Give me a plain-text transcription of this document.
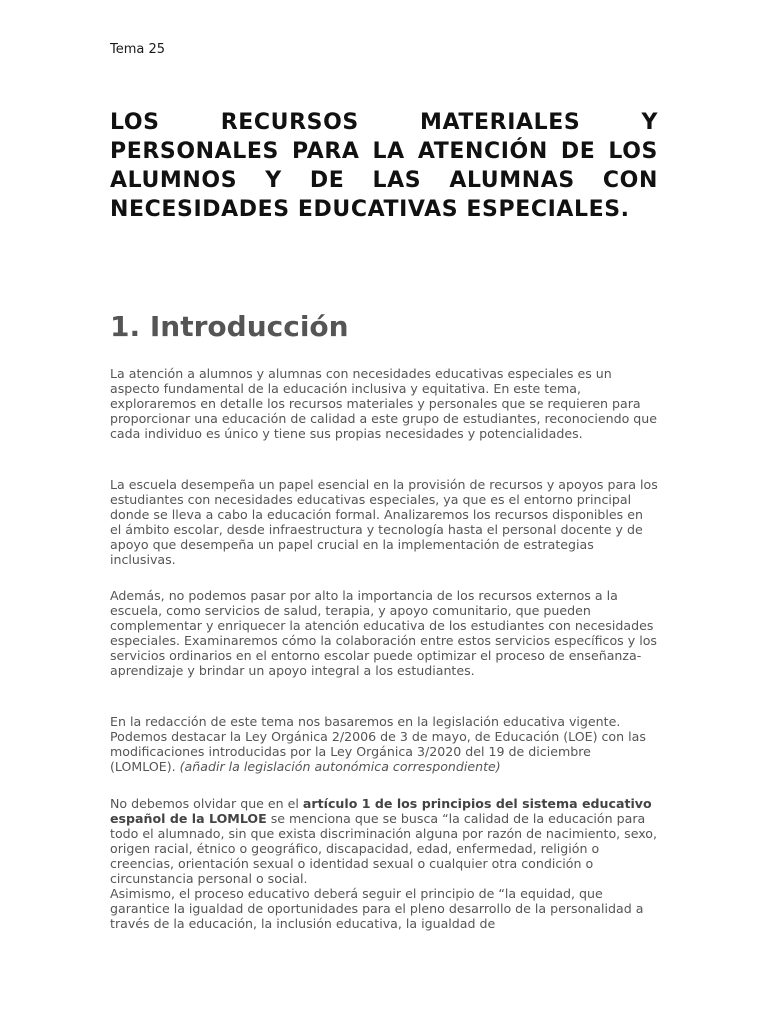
Tema 25

LOS RECURSOS MATERIALES Y PERSONALES PARA LA ATENCIÓN DE LOS ALUMNOS Y DE LAS ALUMNAS CON NECESIDADES EDUCATIVAS ESPECIALES.
1. Introducción

La atención a alumnos y alumnas con necesidades educativas especiales es un aspecto fundamental de la educación inclusiva y equitativa. En este tema, exploraremos en detalle los recursos materiales y personales que se requieren para proporcionar una educación de calidad a este grupo de estudiantes, reconociendo que cada individuo es único y tiene sus propias necesidades y potencialidades.

La escuela desempeña un papel esencial en la provisión de recursos y apoyos para los estudiantes con necesidades educativas especiales, ya que es el entorno principal donde se lleva a cabo la educación formal. Analizaremos los recursos disponibles en el ámbito escolar, desde infraestructura y tecnología hasta el personal docente y de apoyo que desempeña un papel crucial en la implementación de estrategias inclusivas.

Además, no podemos pasar por alto la importancia de los recursos externos a la escuela, como servicios de salud, terapia, y apoyo comunitario, que pueden complementar y enriquecer la atención educativa de los estudiantes con necesidades especiales. Examinaremos cómo la colaboración entre estos servicios específicos y los servicios ordinarios en el entorno escolar puede optimizar el proceso de enseñanza-aprendizaje y brindar un apoyo integral a los estudiantes.

En la redacción de este tema nos basaremos en la legislación educativa vigente. Podemos destacar la Ley Orgánica 2/2006 de 3 de mayo, de Educación (LOE) con las modificaciones introducidas por la Ley Orgánica 3/2020 del 19 de diciembre (LOMLOE). (añadir la legislación autonómica correspondiente)

No debemos olvidar que en el artículo 1 de los principios del sistema educativo español de la LOMLOE se menciona que se busca “la calidad de la educación para todo el alumnado, sin que exista discriminación alguna por razón de nacimiento, sexo, origen racial, étnico o geográfico, discapacidad, edad, enfermedad, religión o creencias, orientación sexual o identidad sexual o cualquier otra condición o circunstancia personal o social.
Asimismo, el proceso educativo deberá seguir el principio de “la equidad, que garantice la igualdad de oportunidades para el pleno desarrollo de la personalidad a través de la educación, la inclusión educativa, la igualdad de
